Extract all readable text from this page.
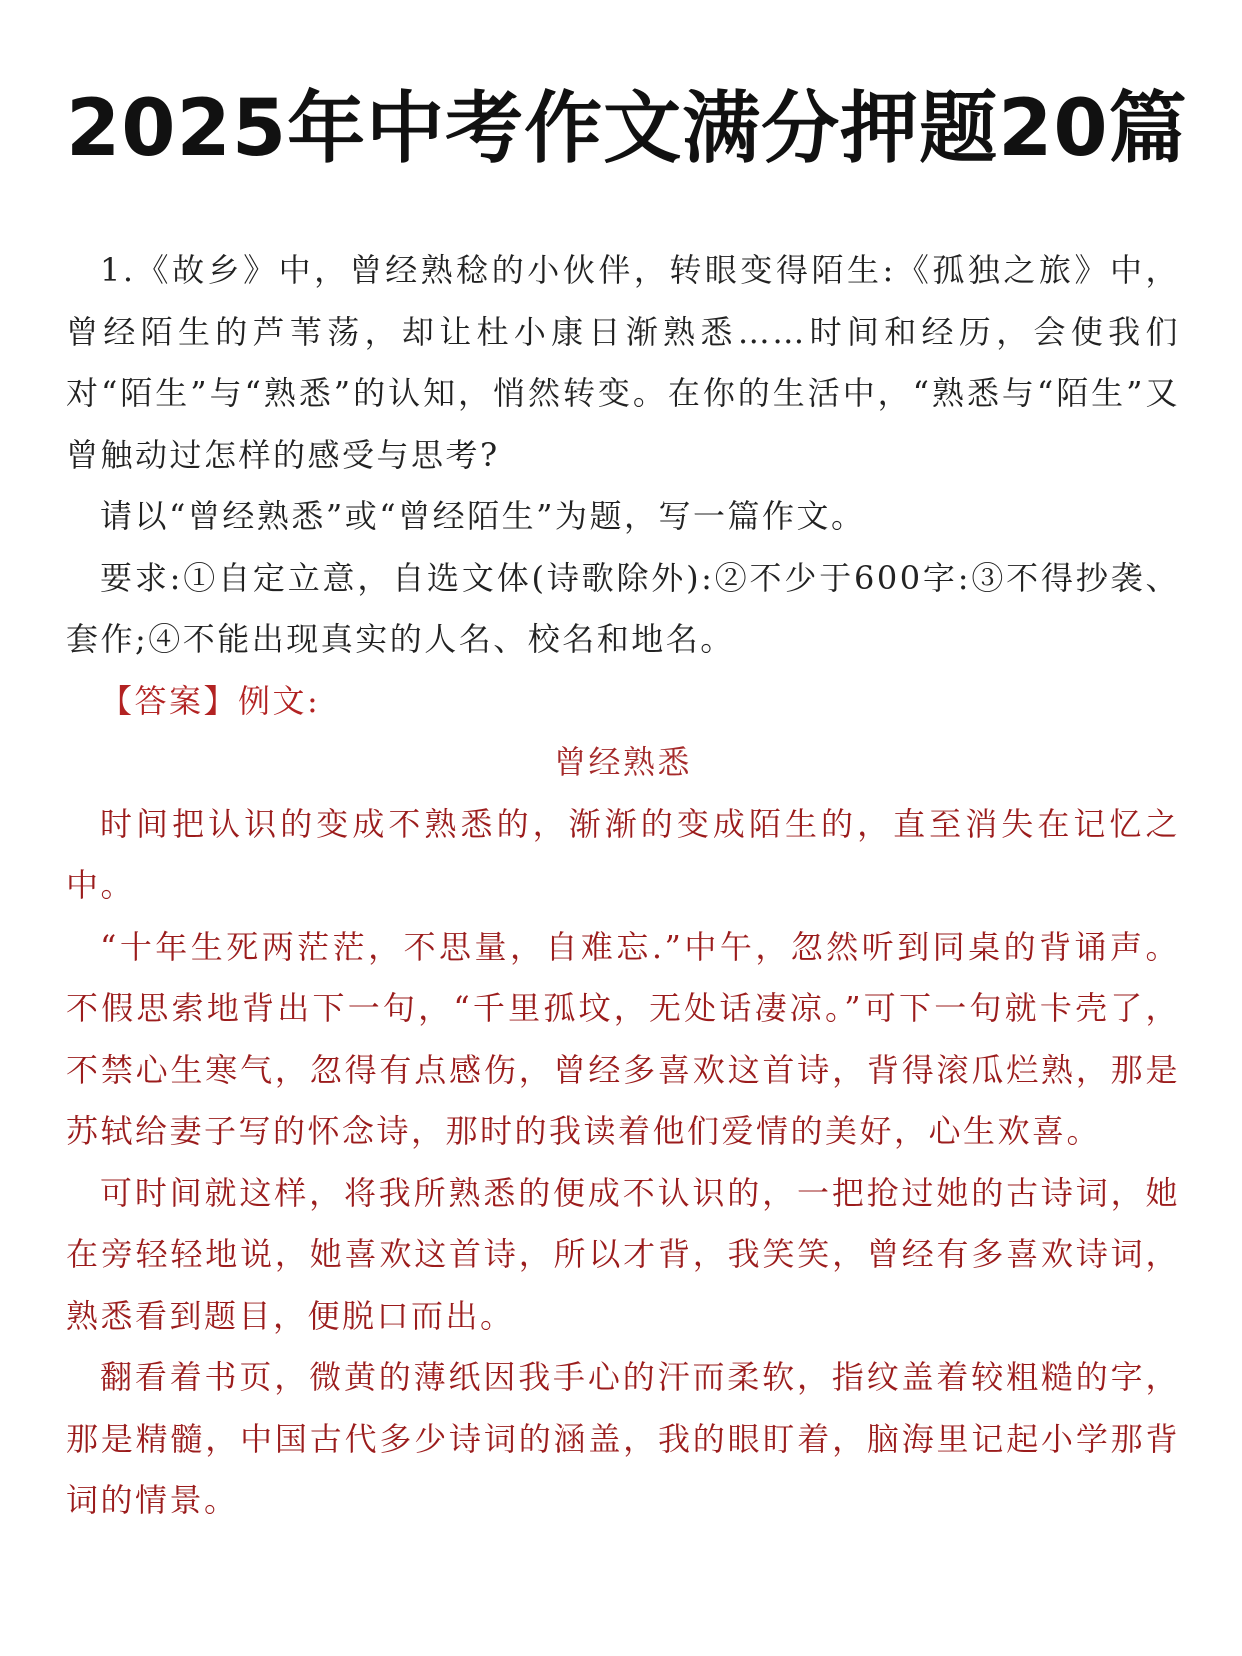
2025年中考作文满分押题20篇

1.《故乡》中，曾经熟稔的小伙伴，转眼变得陌生:《孤独之旅》中，曾经陌生的芦苇荡，却让杜小康日渐熟悉……时间和经历，会使我们对“陌生”与“熟悉”的认知，悄然转变。在你的生活中，“熟悉与“陌生”又曾触动过怎样的感受与思考?

请以“曾经熟悉”或“曾经陌生”为题，写一篇作文。

要求:①自定立意，自选文体(诗歌除外):②不少于600字:③不得抄袭、套作;④不能出现真实的人名、校名和地名。

【答案】例文:

曾经熟悉

时间把认识的变成不熟悉的，渐渐的变成陌生的，直至消失在记忆之中。

“十年生死两茫茫，不思量，自难忘.”中午，忽然听到同桌的背诵声。不假思索地背出下一句，“千里孤坟，无处话凄凉。”可下一句就卡壳了，不禁心生寒气，忽得有点感伤，曾经多喜欢这首诗，背得滚瓜烂熟，那是苏轼给妻子写的怀念诗，那时的我读着他们爱情的美好，心生欢喜。

可时间就这样，将我所熟悉的便成不认识的，一把抢过她的古诗词，她在旁轻轻地说，她喜欢这首诗，所以才背，我笑笑，曾经有多喜欢诗词，熟悉看到题目，便脱口而出。

翻看着书页，微黄的薄纸因我手心的汗而柔软，指纹盖着较粗糙的字，那是精髓，中国古代多少诗词的涵盖，我的眼盯着，脑海里记起小学那背词的情景。
